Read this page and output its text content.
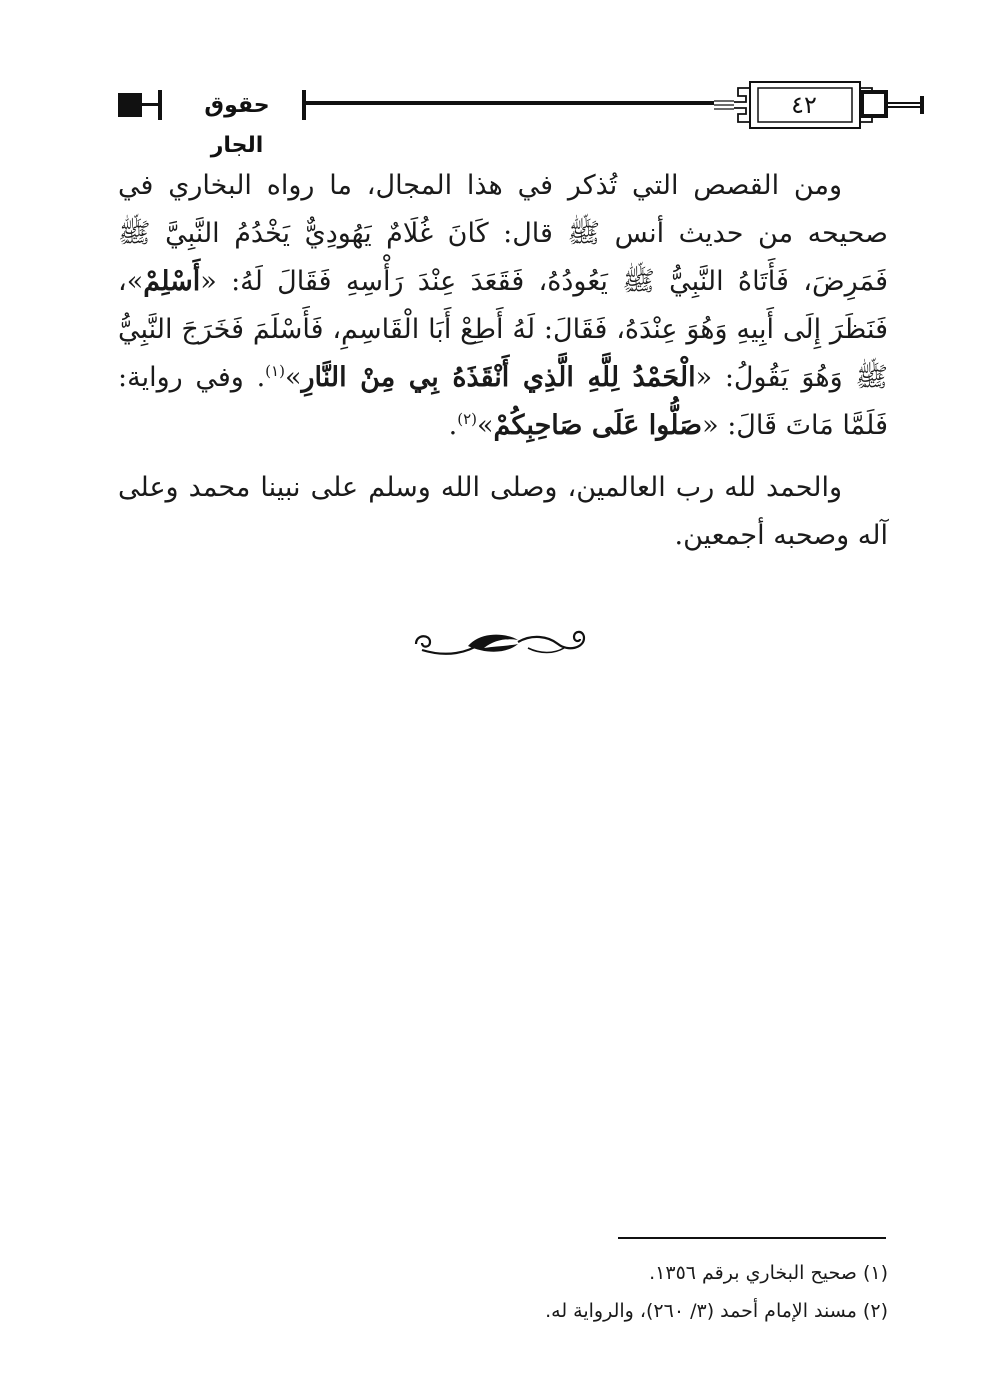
حقوق الجار
٤٢

ومن القصص التي تُذكر في هذا المجال، ما رواه البخاري في صحيحه من حديث أنس ﷺ قال: كَانَ غُلَامٌ يَهُودِيٌّ يَخْدُمُ النَّبِيَّ ﷺ فَمَرِضَ، فَأَتَاهُ النَّبِيُّ ﷺ يَعُودُهُ، فَقَعَدَ عِنْدَ رَأْسِهِ فَقَالَ لَهُ: «أَسْلِمْ»، فَنَظَرَ إِلَى أَبِيهِ وَهُوَ عِنْدَهُ، فَقَالَ: لَهُ أَطِعْ أَبَا الْقَاسِمِ، فَأَسْلَمَ فَخَرَجَ النَّبِيُّ ﷺ وَهُوَ يَقُولُ: «الْحَمْدُ لِلَّهِ الَّذِي أَنْقَذَهُ بِي مِنْ النَّارِ»$^{(١)}$. وفي رواية: فَلَمَّا مَاتَ قَالَ: «صَلُّوا عَلَى صَاحِبِكُمْ»$^{(٢)}$.

والحمد لله رب العالمين، وصلى الله وسلم على نبينا محمد وعلى آله وصحبه أجمعين.

(١) صحيح البخاري برقم ١٣٥٦.

(٢) مسند الإمام أحمد (٣/ ٢٦٠)، والرواية له.
